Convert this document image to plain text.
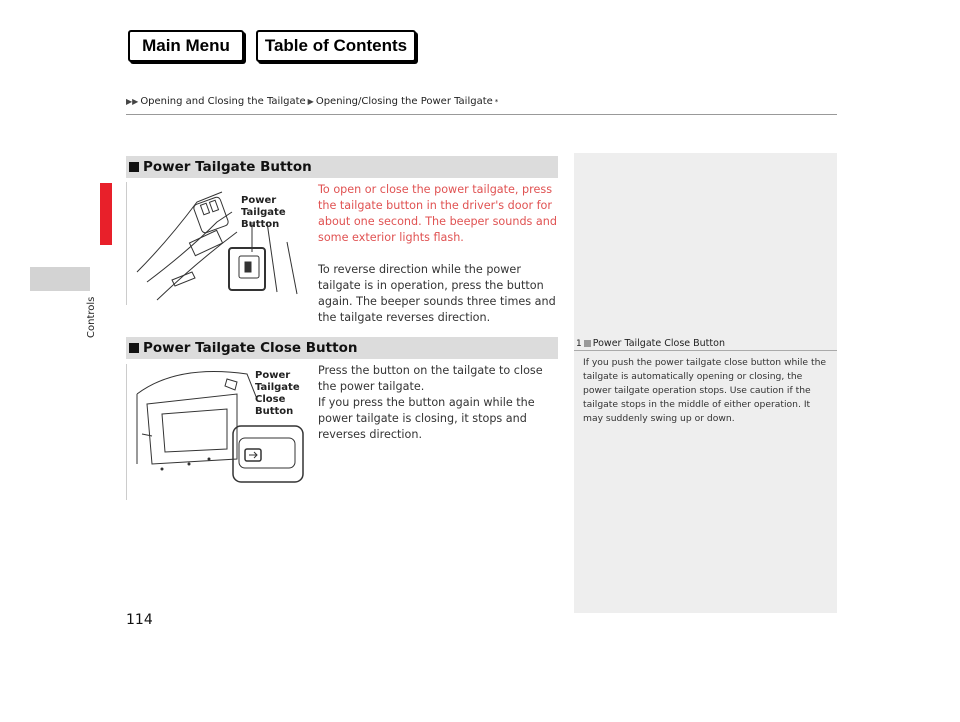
Main Menu	Table of Contents
▶▶ Opening and Closing the Tailgate ▶ Opening/Closing the Power Tailgate *
Controls
Power Tailgate Button
Power
Tailgate
Button

To open or close the power tailgate, press the tailgate button in the driver's door for about one second. The beeper sounds and some exterior lights flash.

To reverse direction while the power tailgate is in operation, press the button again. The beeper sounds three times and the tailgate reverses direction.

Power Tailgate Close Button
Power
Tailgate
Close
Button

Press the button on the tailgate to close the power tailgate.

If you press the button again while the power tailgate is closing, it stops and reverses direction.

1 Power Tailgate Close Button
If you push the power tailgate close button while the tailgate is automatically opening or closing, the power tailgate operation stops. Use caution if the tailgate stops in the middle of either operation. It may suddenly swing up or down.
114
